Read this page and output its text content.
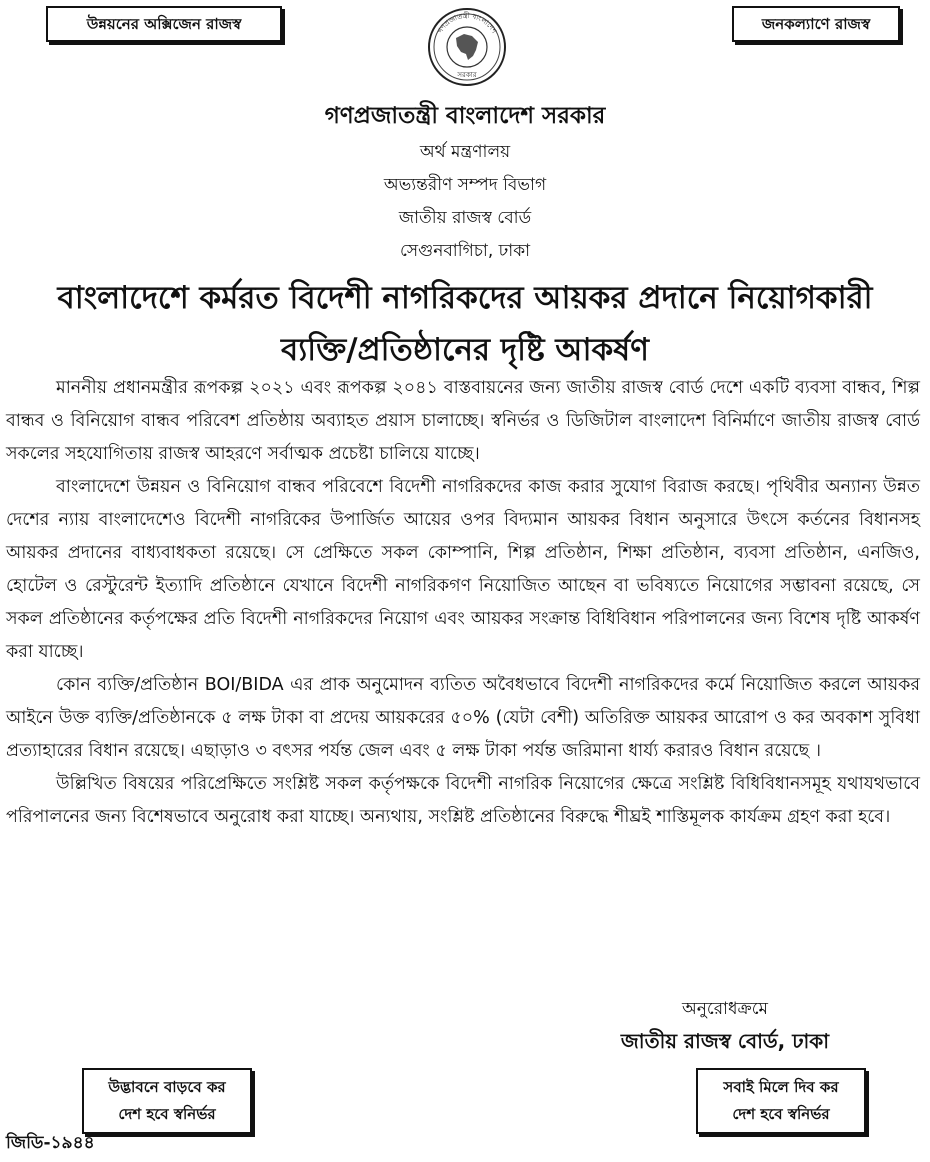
উন্নয়নের অক্সিজেন রাজস্ব	জনকল্যাণে রাজস্ব
গণপ্রজাতন্ত্রী বাংলাদেশ
সরকার

গণপ্রজাতন্ত্রী বাংলাদেশ সরকার

অর্থ মন্ত্রণালয়

অভ্যন্তরীণ সম্পদ বিভাগ

জাতীয় রাজস্ব বোর্ড

সেগুনবাগিচা, ঢাকা

বাংলাদেশে কর্মরত বিদেশী নাগরিকদের আয়কর প্রদানে নিয়োগকারী
ব্যক্তি/প্রতিষ্ঠানের দৃষ্টি আকর্ষণ

মাননীয় প্রধানমন্ত্রীর রূপকল্প ২০২১ এবং রূপকল্প ২০৪১ বাস্তবায়নের জন্য জাতীয় রাজস্ব বোর্ড দেশে একটি ব্যবসা বান্ধব, শিল্প বান্ধব ও বিনিয়োগ বান্ধব পরিবেশ প্রতিষ্ঠায় অব্যাহত প্রয়াস চালাচ্ছে। স্বনির্ভর ও ডিজিটাল বাংলাদেশ বিনির্মাণে জাতীয় রাজস্ব বোর্ড সকলের সহযোগিতায় রাজস্ব আহরণে সর্বাত্মক প্রচেষ্টা চালিয়ে যাচ্ছে।

বাংলাদেশে উন্নয়ন ও বিনিয়োগ বান্ধব পরিবেশে বিদেশী নাগরিকদের কাজ করার সুযোগ বিরাজ করছে। পৃথিবীর অন্যান্য উন্নত দেশের ন্যায় বাংলাদেশেও বিদেশী নাগরিকের উপার্জিত আয়ের ওপর বিদ্যমান আয়কর বিধান অনুসারে উৎসে কর্তনের বিধানসহ আয়কর প্রদানের বাধ্যবাধকতা রয়েছে। সে প্রেক্ষিতে সকল কোম্পানি, শিল্প প্রতিষ্ঠান, শিক্ষা প্রতিষ্ঠান, ব্যবসা প্রতিষ্ঠান, এনজিও, হোটেল ও রেস্টুরেন্ট ইত্যাদি প্রতিষ্ঠানে যেখানে বিদেশী নাগরিকগণ নিয়োজিত আছেন বা ভবিষ্যতে নিয়োগের সম্ভাবনা রয়েছে, সে সকল প্রতিষ্ঠানের কর্তৃপক্ষের প্রতি বিদেশী নাগরিকদের নিয়োগ এবং আয়কর সংক্রান্ত বিধিবিধান পরিপালনের জন্য বিশেষ দৃষ্টি আকর্ষণ করা যাচ্ছে।

কোন ব্যক্তি/প্রতিষ্ঠান BOI/BIDA এর প্রাক অনুমোদন ব্যতিত অবৈধভাবে বিদেশী নাগরিকদের কর্মে নিয়োজিত করলে আয়কর আইনে উক্ত ব্যক্তি/প্রতিষ্ঠানকে ৫ লক্ষ টাকা বা প্রদেয় আয়করের ৫০% (যেটা বেশী) অতিরিক্ত আয়কর আরোপ ও কর অবকাশ সুবিধা প্রত্যাহারের বিধান রয়েছে। এছাড়াও ৩ বৎসর পর্যন্ত জেল এবং ৫ লক্ষ টাকা পর্যন্ত জরিমানা ধার্য্য করারও বিধান রয়েছে ।

উল্লিখিত বিষয়ের পরিপ্রেক্ষিতে সংশ্লিষ্ট সকল কর্তৃপক্ষকে বিদেশী নাগরিক নিয়োগের ক্ষেত্রে সংশ্লিষ্ট বিধিবিধানসমূহ যথাযথভাবে পরিপালনের জন্য বিশেষভাবে অনুরোধ করা যাচ্ছে। অন্যথায়, সংশ্লিষ্ট প্রতিষ্ঠানের বিরুদ্ধে শীঘ্রই শাস্তিমূলক কার্যক্রম গ্রহণ করা হবে।

অনুরোধক্রমে
জাতীয় রাজস্ব বোর্ড, ঢাকা
উদ্ভাবনে বাড়বে কর
দেশ হবে স্বনির্ভর
সবাই মিলে দিব কর
দেশ হবে স্বনির্ভর
জিডি-১৯৪৪
